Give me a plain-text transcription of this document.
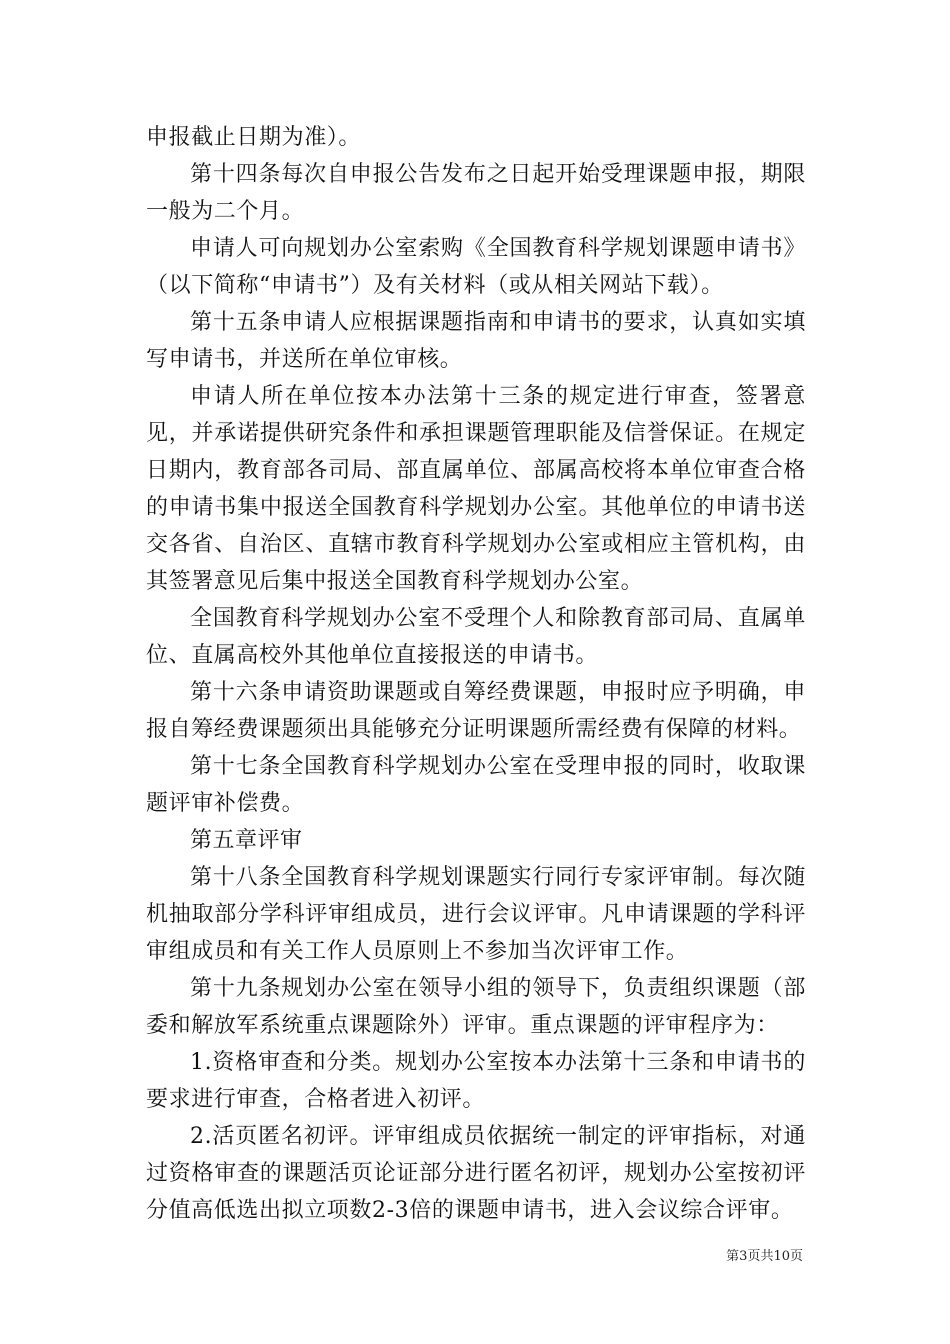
申报截止日期为准）。

第十四条每次自申报公告发布之日起开始受理课题申报，期限一般为二个月。

申请人可向规划办公室索购《全国教育科学规划课题申请书》（以下简称“申请书”）及有关材料（或从相关网站下载）。

第十五条申请人应根据课题指南和申请书的要求，认真如实填写申请书，并送所在单位审核。

申请人所在单位按本办法第十三条的规定进行审查，签署意见，并承诺提供研究条件和承担课题管理职能及信誉保证。在规定日期内，教育部各司局、部直属单位、部属高校将本单位审查合格的申请书集中报送全国教育科学规划办公室。其他单位的申请书送交各省、自治区、直辖市教育科学规划办公室或相应主管机构，由其签署意见后集中报送全国教育科学规划办公室。

全国教育科学规划办公室不受理个人和除教育部司局、直属单位、直属高校外其他单位直接报送的申请书。

第十六条申请资助课题或自筹经费课题，申报时应予明确，申报自筹经费课题须出具能够充分证明课题所需经费有保障的材料。

第十七条全国教育科学规划办公室在受理申报的同时，收取课题评审补偿费。

第五章评审

第十八条全国教育科学规划课题实行同行专家评审制。每次随机抽取部分学科评审组成员，进行会议评审。凡申请课题的学科评审组成员和有关工作人员原则上不参加当次评审工作。

第十九条规划办公室在领导小组的领导下，负责组织课题（部委和解放军系统重点课题除外）评审。重点课题的评审程序为：

1.资格审查和分类。规划办公室按本办法第十三条和申请书的要求进行审查，合格者进入初评。

2.活页匿名初评。评审组成员依据统一制定的评审指标，对通过资格审查的课题活页论证部分进行匿名初评，规划办公室按初评分值高低选出拟立项数2-3倍的课题申请书，进入会议综合评审。

第3页共10页
